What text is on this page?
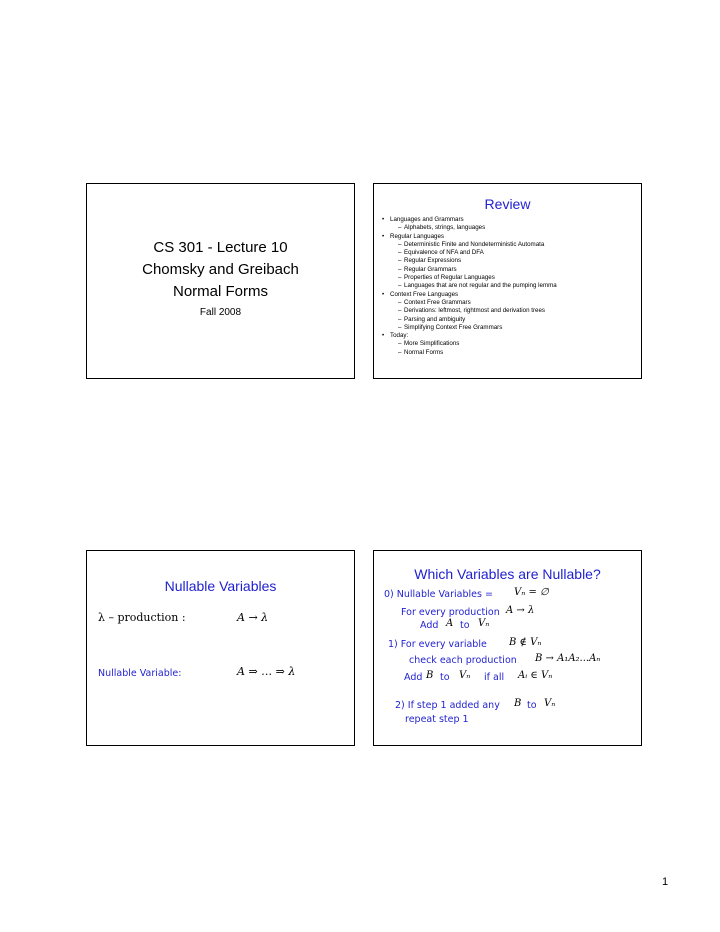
CS 301 - Lecture 10
Chomsky and Greibach
Normal Forms
Fall 2008
Review
• Languages and Grammars
– Alphabets, strings, languages
• Regular Languages
– Deterministic Finite and Nondeterministic Automata
– Equivalence of NFA and DFA
– Regular Expressions
– Regular Grammars
– Properties of Regular Languages
– Languages that are not regular and the pumping lemma
• Context Free Languages
– Context Free Grammars
– Derivations: leftmost, rightmost and derivation trees
– Parsing and ambiguity
– Simplifying Context Free Grammars
• Today:
– More Simplifications
– Normal Forms
Nullable Variables
λ – production :	A → λ
Nullable Variable:	A ⇒ … ⇒ λ
Which Variables are Nullable?
0) Nullable Variables = Vₙ = ∅
For every production A → λ
Add A to Vₙ
1) For every variable B ∉ Vₙ
check each production B → A₁A₂...Aₙ
Add B to Vₙ if all Aᵢ ∈ Vₙ
2) If step 1 added any B to Vₙ
repeat step 1
1
